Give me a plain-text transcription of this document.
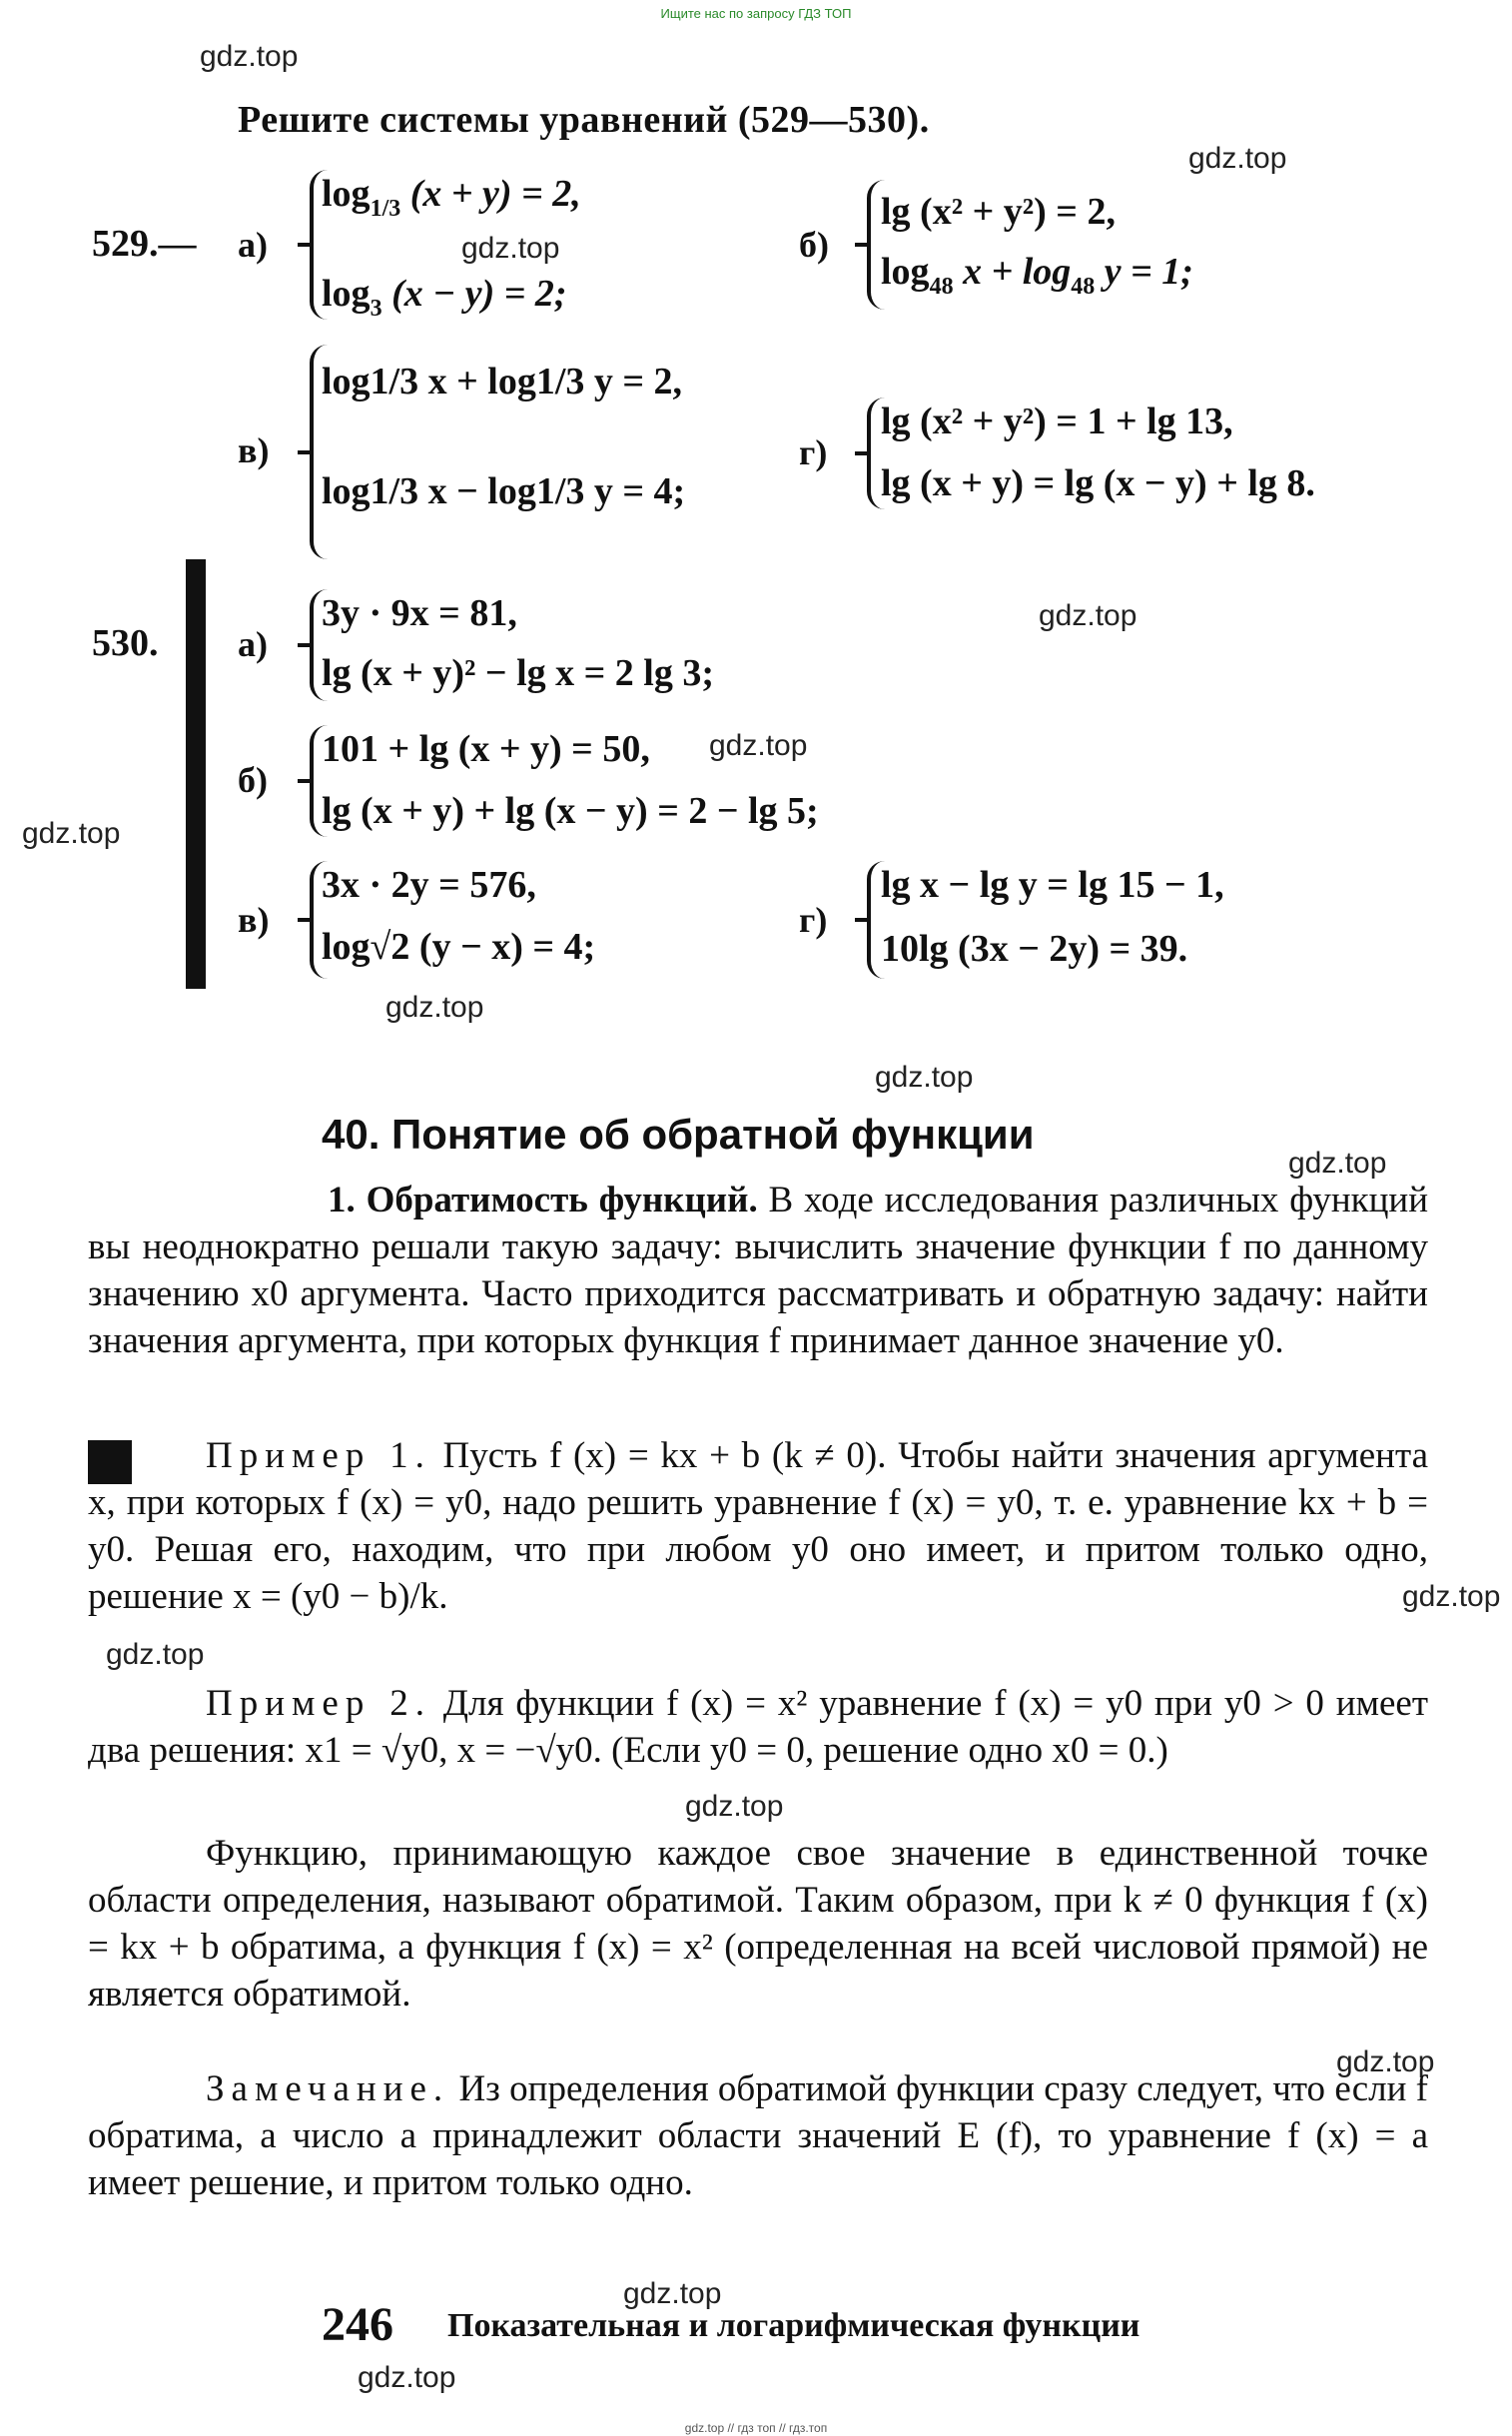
Ищите нас по запросу ГДЗ ТОП
gdz.top
gdz.top
gdz.top
gdz.top
gdz.top
gdz.top
gdz.top
gdz.top
gdz.top
gdz.top
gdz.top
gdz.top
gdz.top
gdz.top
gdz.top
Решите системы уравнений (529—530).
529.— а)
$\log_{1/3} (x + y) = 2$,
$\log_3 (x - y) = 2$;
б)
lg (x² + y²) = 2,
$\log_{48} x + \log_{48} y = 1$;
в)
log1/3 x + log1/3 y = 2,
log1/3 x − log1/3 y = 4;
г)
lg (x² + y²) = 1 + lg 13,
lg (x + y) = lg (x − y) + lg 8.
530. а)
3y · 9x = 81,
lg (x + y)² − lg x = 2 lg 3;
б)
101 + lg (x + y) = 50,
lg (x + y) + lg (x − y) = 2 − lg 5;
в)
3x · 2y = 576,
log√2 (y − x) = 4;
г)
lg x − lg y = lg 15 − 1,
10lg (3x − 2y) = 39.
40. Понятие об обратной функции
1. Обратимость функций. В ходе исследования различных функций вы неоднократно решали такую задачу: вычислить значение функции f по данному значению x0 аргумента. Часто приходится рассматривать и обратную задачу: найти значения аргумента, при которых функция f принимает данное значение y0.
Пример 1. Пусть f (x) = kx + b (k ≠ 0). Чтобы найти значения аргумента x, при которых f (x) = y0, надо решить уравнение f (x) = y0, т. е. уравнение kx + b = y0. Решая его, находим, что при любом y0 оно имеет, и притом только одно, решение x = (y0 − b)/k.
Пример 2. Для функции f (x) = x² уравнение f (x) = y0 при y0 > 0 имеет два решения: x1 = √y0, x = −√y0. (Если y0 = 0, решение одно x0 = 0.)
Функцию, принимающую каждое свое значение в единственной точке области определения, называют обратимой. Таким образом, при k ≠ 0 функция f (x) = kx + b обратима, а функция f (x) = x² (определенная на всей числовой прямой) не является обратимой.
Замечание. Из определения обратимой функции сразу следует, что если f обратима, а число a принадлежит области значений E (f), то уравнение f (x) = a имеет решение, и притом только одно.
246 Показательная и логарифмическая функции
gdz.top // гдз топ // гдз.топ
